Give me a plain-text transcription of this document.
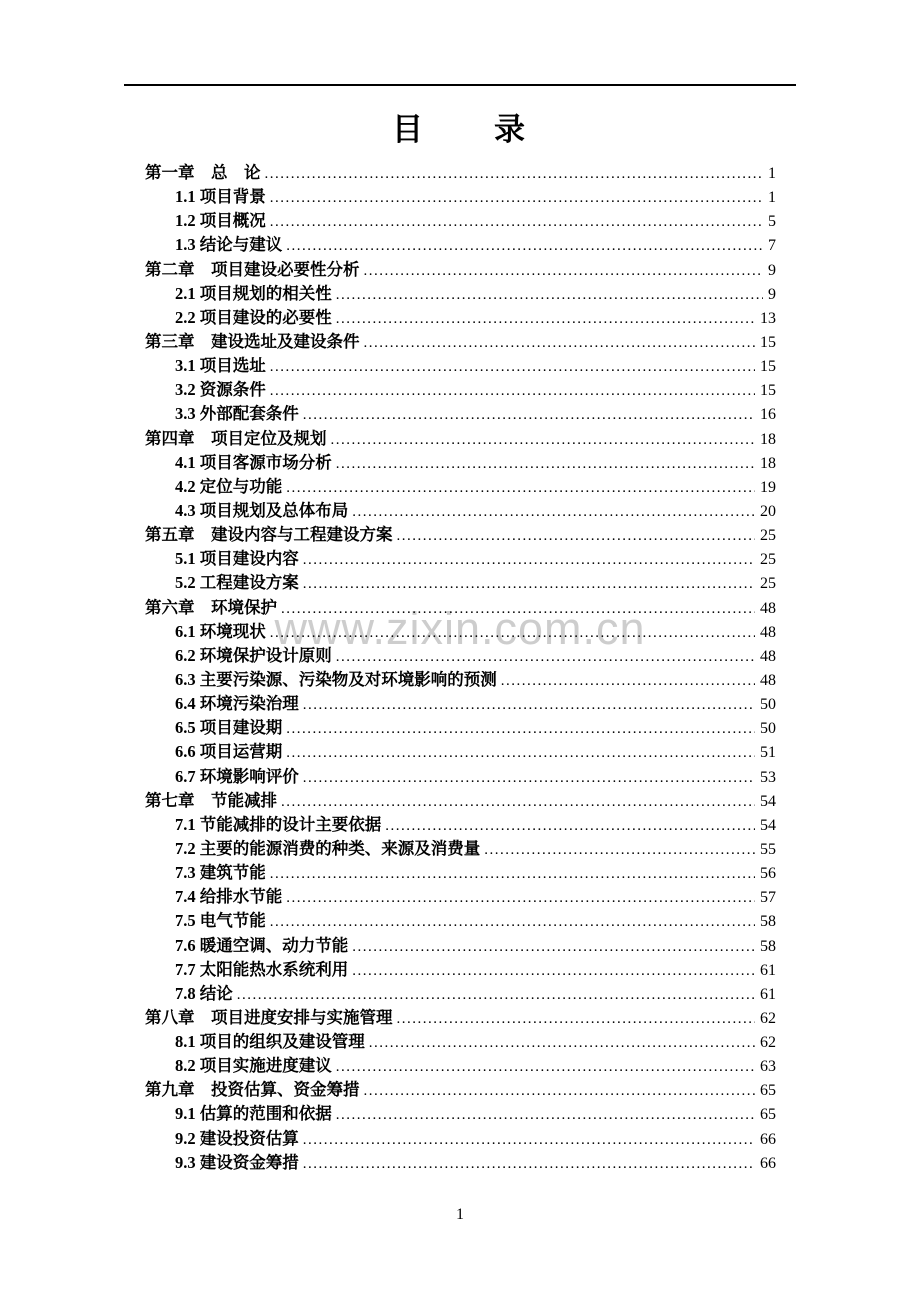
目　　录
www.zixin.com.cn
第一章　总　论 .....	1
1.1 项目背景 .....	1
1.2 项目概况 .....	5
1.3 结论与建议 .....	7
第二章　项目建设必要性分析 .....	9
2.1 项目规划的相关性 .....	9
2.2 项目建设的必要性 .....	13
第三章　建设选址及建设条件 .....	15
3.1 项目选址 .....	15
3.2 资源条件 .....	15
3.3 外部配套条件 .....	16
第四章　项目定位及规划 .....	18
4.1 项目客源市场分析 .....	18
4.2 定位与功能 .....	19
4.3 项目规划及总体布局 .....	20
第五章　建设内容与工程建设方案 .....	25
5.1 项目建设内容 .....	25
5.2 工程建设方案 .....	25
第六章　环境保护 .....	48
6.1 环境现状 .....	48
6.2 环境保护设计原则 .....	48
6.3 主要污染源、污染物及对环境影响的预测 .....	48
6.4 环境污染治理 .....	50
6.5 项目建设期 .....	50
6.6 项目运营期 .....	51
6.7 环境影响评价 .....	53
第七章　节能减排 .....	54
7.1 节能减排的设计主要依据 .....	54
7.2 主要的能源消费的种类、来源及消费量 .....	55
7.3 建筑节能 .....	56
7.4 给排水节能 .....	57
7.5 电气节能 .....	58
7.6 暖通空调、动力节能 .....	58
7.7 太阳能热水系统利用 .....	61
7.8 结论 .....	61
第八章　项目进度安排与实施管理 .....	62
8.1 项目的组织及建设管理 .....	62
8.2 项目实施进度建议 .....	63
第九章　投资估算、资金筹措 .....	65
9.1 估算的范围和依据 .....	65
9.2 建设投资估算 .....	66
9.3 建设资金筹措 .....	66
1
